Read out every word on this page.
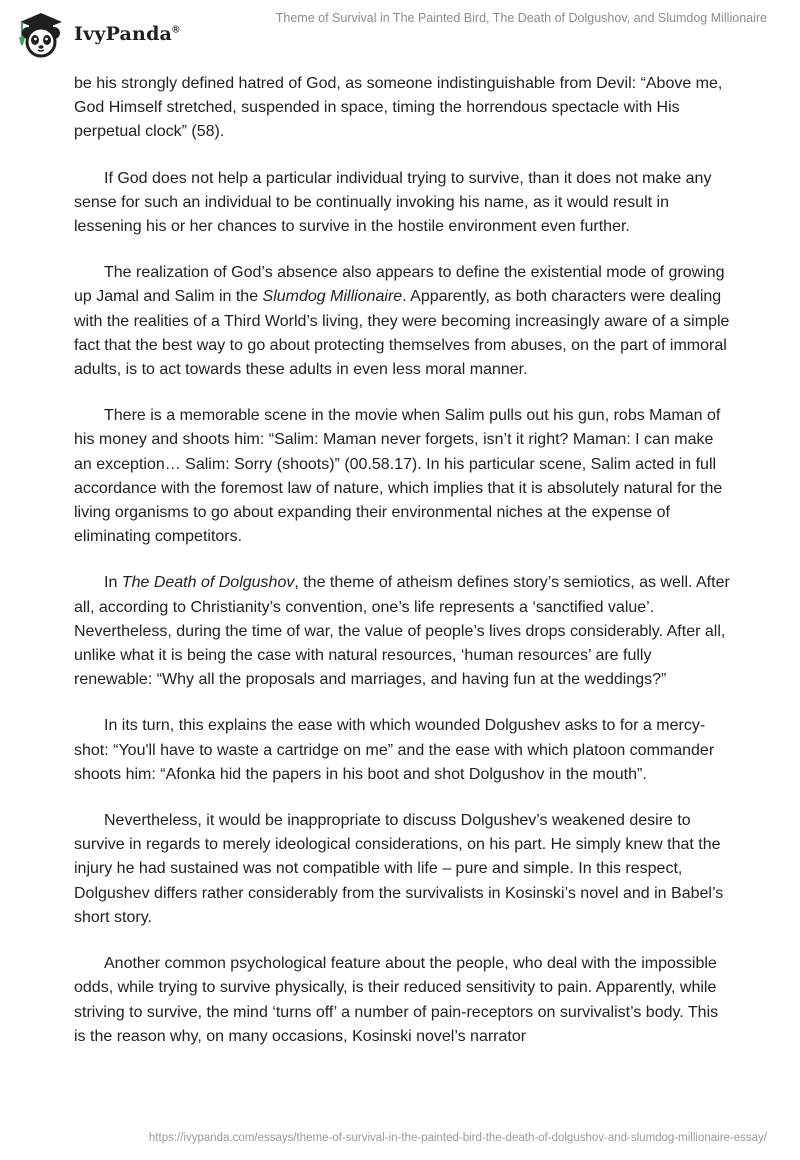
IvyPanda®
Theme of Survival in The Painted Bird, The Death of Dolgushov, and Slumdog Millionaire

be his strongly defined hatred of God, as someone indistinguishable from Devil: “Above me, God Himself stretched, suspended in space, timing the horrendous spectacle with His perpetual clock” (58).

If God does not help a particular individual trying to survive, than it does not make any sense for such an individual to be continually invoking his name, as it would result in lessening his or her chances to survive in the hostile environment even further.

The realization of God’s absence also appears to define the existential mode of growing up Jamal and Salim in the Slumdog Millionaire. Apparently, as both characters were dealing with the realities of a Third World’s living, they were becoming increasingly aware of a simple fact that the best way to go about protecting themselves from abuses, on the part of immoral adults, is to act towards these adults in even less moral manner.

There is a memorable scene in the movie when Salim pulls out his gun, robs Maman of his money and shoots him: “Salim: Maman never forgets, isn’t it right? Maman: I can make an exception… Salim: Sorry (shoots)” (00.58.17). In his particular scene, Salim acted in full accordance with the foremost law of nature, which implies that it is absolutely natural for the living organisms to go about expanding their environmental niches at the expense of eliminating competitors.

In The Death of Dolgushov, the theme of atheism defines story’s semiotics, as well. After all, according to Christianity’s convention, one’s life represents a ‘sanctified value’. Nevertheless, during the time of war, the value of people’s lives drops considerably. After all, unlike what it is being the case with natural resources, ‘human resources’ are fully renewable: “Why all the proposals and marriages, and having fun at the weddings?”

In its turn, this explains the ease with which wounded Dolgushev asks to for a mercy-shot: “You'll have to waste a cartridge on me” and the ease with which platoon commander shoots him: “Afonka hid the papers in his boot and shot Dolgushov in the mouth”.

Nevertheless, it would be inappropriate to discuss Dolgushev’s weakened desire to survive in regards to merely ideological considerations, on his part. He simply knew that the injury he had sustained was not compatible with life – pure and simple. In this respect, Dolgushev differs rather considerably from the survivalists in Kosinski’s novel and in Babel’s short story.

Another common psychological feature about the people, who deal with the impossible odds, while trying to survive physically, is their reduced sensitivity to pain. Apparently, while striving to survive, the mind ‘turns off’ a number of pain-receptors on survivalist’s body. This is the reason why, on many occasions, Kosinski novel’s narrator

https://ivypanda.com/essays/theme-of-survival-in-the-painted-bird-the-death-of-dolgushov-and-slumdog-millionaire-essay/
